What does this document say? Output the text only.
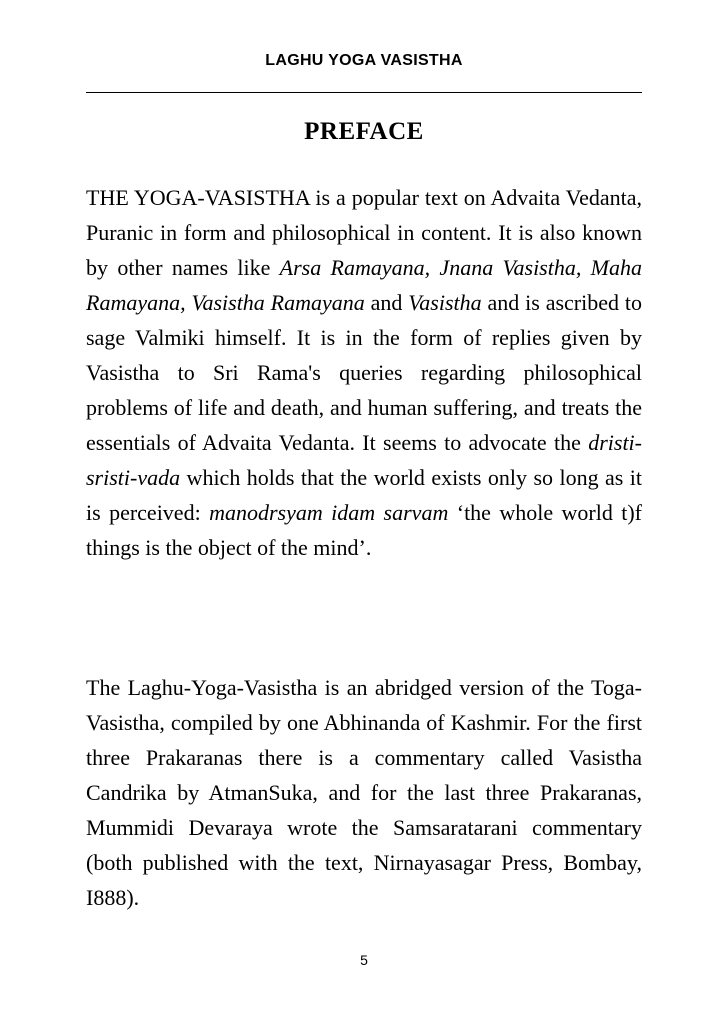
LAGHU YOGA VASISTHA
PREFACE
THE YOGA-VASISTHA is a popular text on Advaita Vedanta, Puranic in form and philosophical in content. It is also known by other names like Arsa Ramayana, Jnana Vasistha, Maha Ramayana, Vasistha Ramayana and Vasistha and is ascribed to sage Valmiki himself. It is in the form of replies given by Vasistha to Sri Rama's queries regarding philosophical problems of life and death, and human suffering, and treats the essentials of Advaita Vedanta. It seems to advocate the dristi-sristi-vada which holds that the world exists only so long as it is perceived: manodrsyam idam sarvam ‘the whole world t)f things is the object of the mind’.
The Laghu-Yoga-Vasistha is an abridged version of the Toga-Vasistha, compiled by one Abhinanda of Kashmir. For the first three Prakaranas there is a commentary called Vasistha Candrika by AtmanSuka, and for the last three Prakaranas, Mummidi Devaraya wrote the Samsaratarani commentary (both published with the text, Nirnayasagar Press, Bombay, I888).
5
